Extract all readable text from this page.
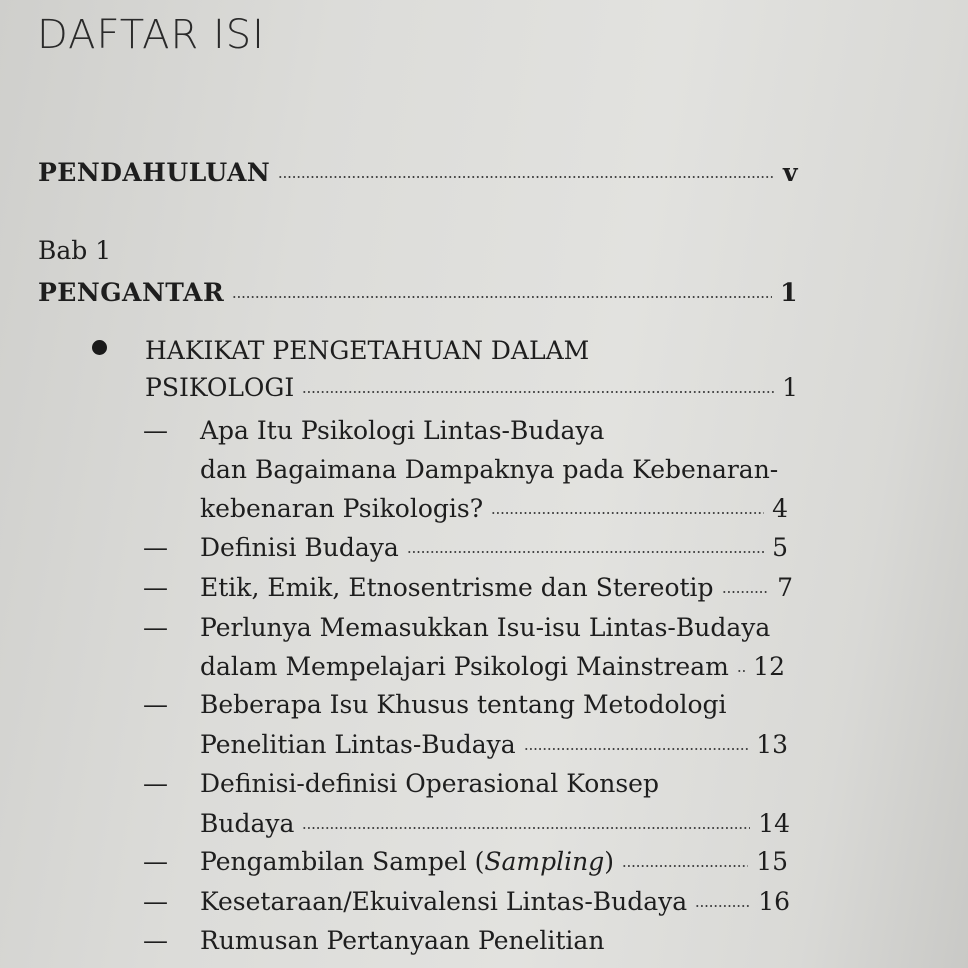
DAFTAR ISI
PENDAHULUAN	v
Bab 1
PENGANTAR	1
HAKIKAT PENGETAHUAN DALAM
PSIKOLOGI	1
— Apa Itu Psikologi Lintas-Budaya
dan Bagaimana Dampaknya pada Kebenaran-
kebenaran Psikologis?	4
— Definisi Budaya	5
— Etik, Emik, Etnosentrisme dan Stereotip	7
— Perlunya Memasukkan Isu-isu Lintas-Budaya
dalam Mempelajari Psikologi Mainstream 12
— Beberapa Isu Khusus tentang Metodologi
Penelitian Lintas-Budaya	13
— Definisi-definisi Operasional Konsep
Budaya	14
— Pengambilan Sampel (Sampling)	15
— Kesetaraan/Ekuivalensi Lintas-Budaya	16
— Rumusan Pertanyaan Penelitian
